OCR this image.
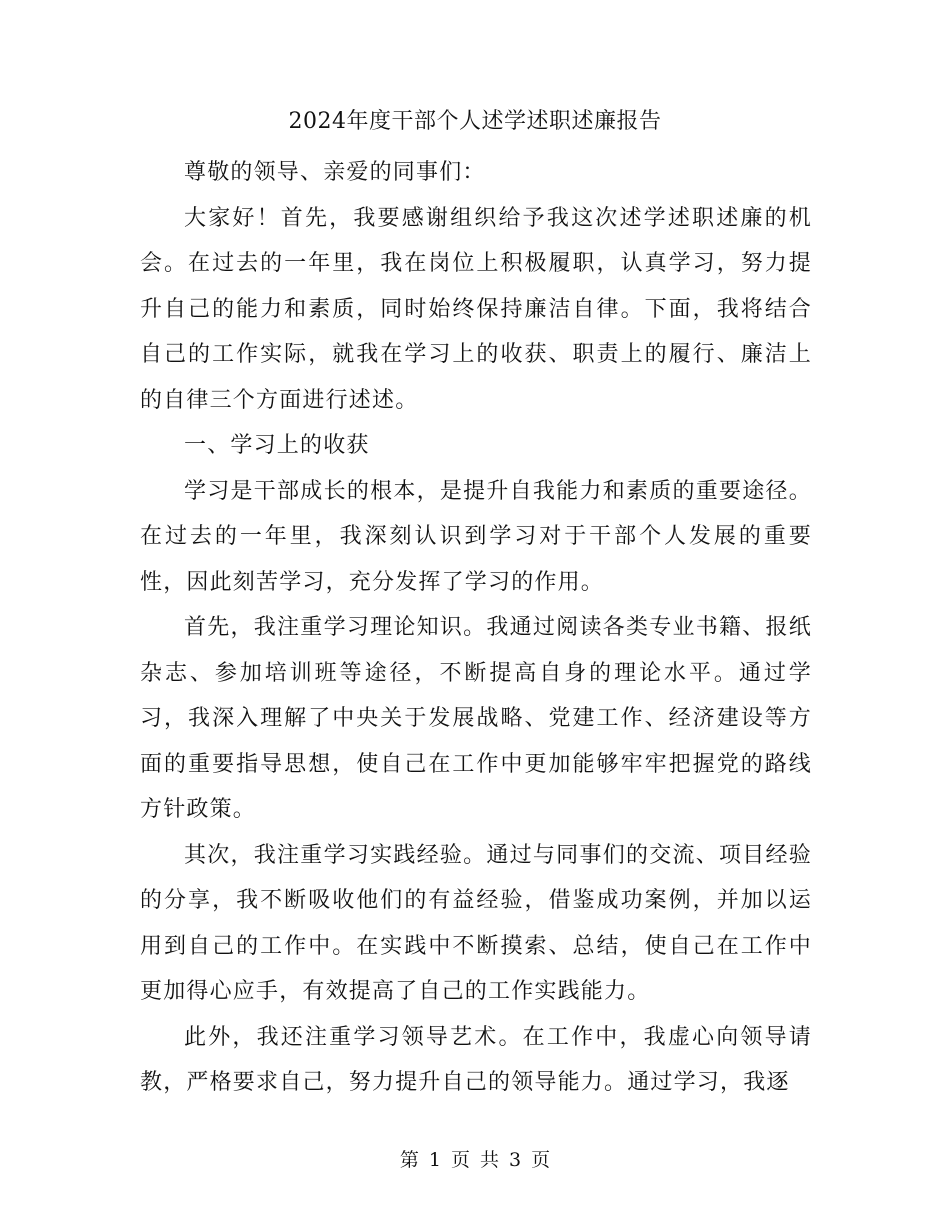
2024年度干部个人述学述职述廉报告

尊敬的领导、亲爱的同事们：

大家好！首先，我要感谢组织给予我这次述学述职述廉的机会。在过去的一年里，我在岗位上积极履职，认真学习，努力提升自己的能力和素质，同时始终保持廉洁自律。下面，我将结合自己的工作实际，就我在学习上的收获、职责上的履行、廉洁上的自律三个方面进行述述。

一、学习上的收获

学习是干部成长的根本，是提升自我能力和素质的重要途径。在过去的一年里，我深刻认识到学习对于干部个人发展的重要性，因此刻苦学习，充分发挥了学习的作用。

首先，我注重学习理论知识。我通过阅读各类专业书籍、报纸杂志、参加培训班等途径，不断提高自身的理论水平。通过学习，我深入理解了中央关于发展战略、党建工作、经济建设等方面的重要指导思想，使自己在工作中更加能够牢牢把握党的路线方针政策。

其次，我注重学习实践经验。通过与同事们的交流、项目经验的分享，我不断吸收他们的有益经验，借鉴成功案例，并加以运用到自己的工作中。在实践中不断摸索、总结，使自己在工作中更加得心应手，有效提高了自己的工作实践能力。

此外，我还注重学习领导艺术。在工作中，我虚心向领导请教，严格要求自己，努力提升自己的领导能力。通过学习，我逐

第 1 页 共 3 页
